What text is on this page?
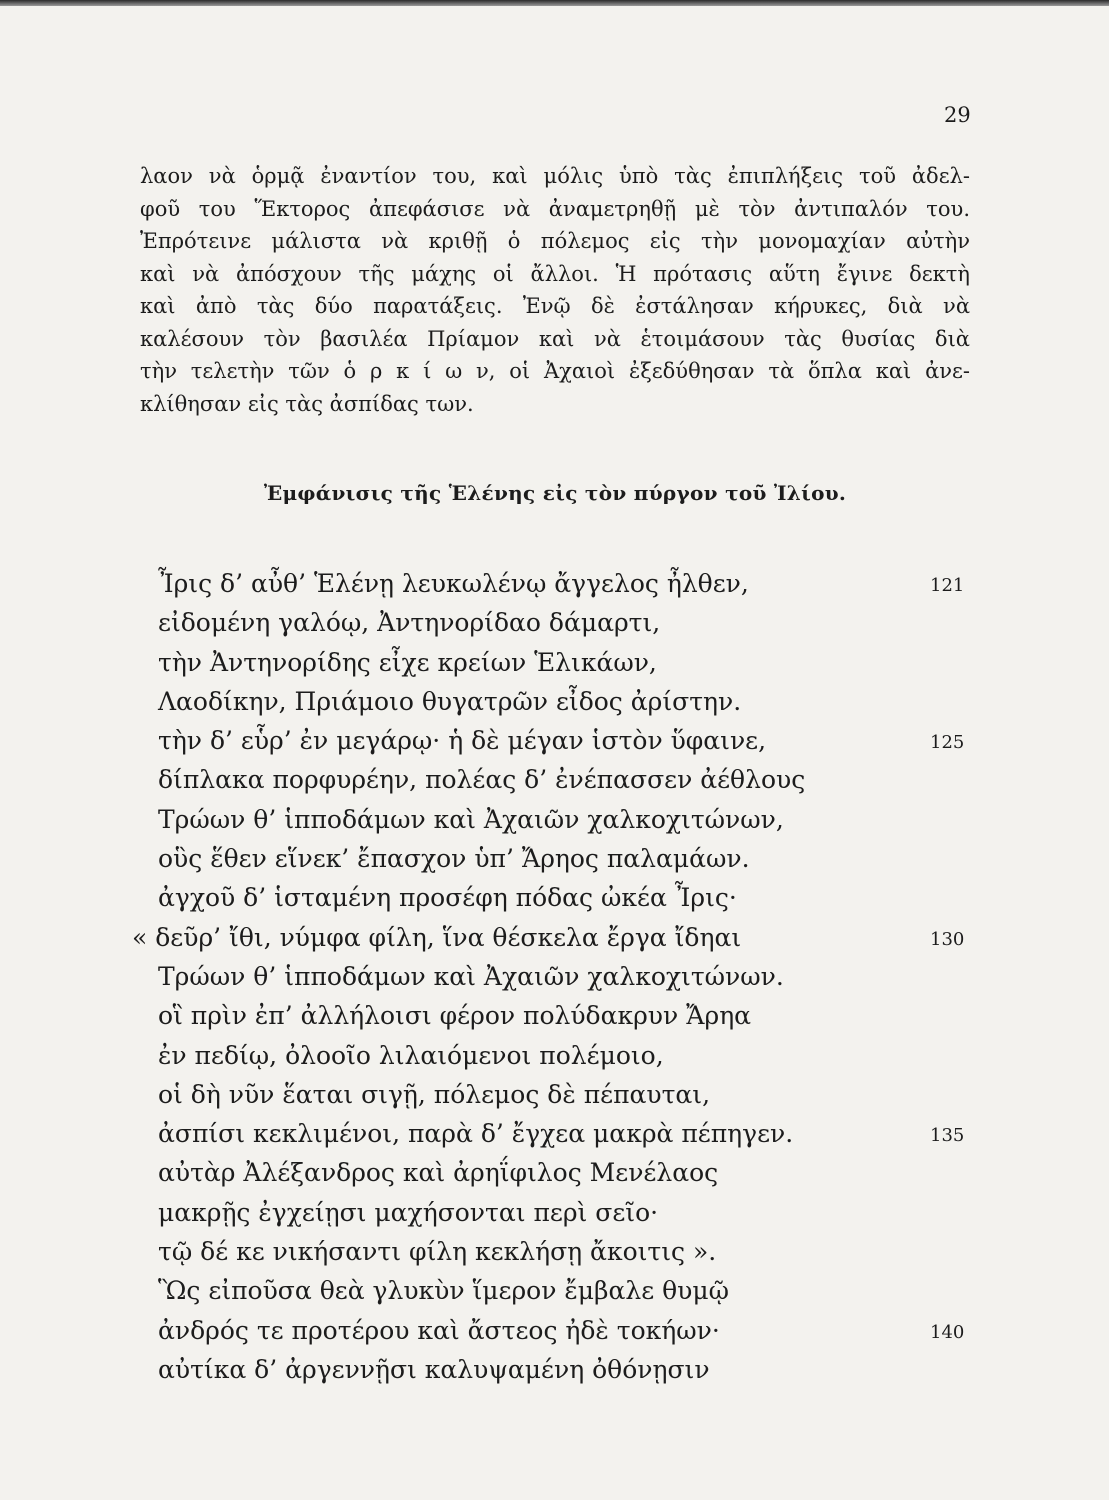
29
λαον νὰ ὁρμᾷ ἐναντίον του, καὶ μόλις ὑπὸ τὰς ἐπιπλήξεις τοῦ ἀδελ-
φοῦ του Ἕκτορος ἀπεφάσισε νὰ ἀναμετρηθῇ μὲ τὸν ἀντιπαλόν του.
Ἐπρότεινε μάλιστα νὰ κριθῇ ὁ πόλεμος εἰς τὴν μονομαχίαν αὐτὴν
καὶ νὰ ἀπόσχουν τῆς μάχης οἱ ἄλλοι. Ἡ πρότασις αὕτη ἔγινε δεκτὴ
καὶ ἀπὸ τὰς δύο παρατάξεις. Ἐνῷ δὲ ἐστάλησαν κήρυκες, διὰ νὰ
καλέσουν τὸν βασιλέα Πρίαμον καὶ νὰ ἑτοιμάσουν τὰς θυσίας διὰ
τὴν τελετὴν τῶν ὁ ρ κ ί ω ν, οἱ Ἀχαιοὶ ἐξεδύθησαν τὰ ὅπλα καὶ ἀνε-
κλίθησαν εἰς τὰς ἀσπίδας των.
Ἐμφάνισις τῆς Ἑλένης εἰς τὸν πύργον τοῦ Ἰλίου.
Ἶρις δ’ αὖθ’ Ἑλένῃ λευκωλένῳ ἄγγελος ἦλθεν,	121
εἰδομένη γαλόῳ, Ἀντηνορίδαο δάμαρτι,
τὴν Ἀντηνορίδης εἶχε κρείων Ἑλικάων,
Λαοδίκην, Πριάμοιο θυγατρῶν εἶδος ἀρίστην.
τὴν δ’ εὗρ’ ἐν μεγάρῳ· ἡ δὲ μέγαν ἱστὸν ὕφαινε,	125
δίπλακα πορφυρέην, πολέας δ’ ἐνέπασσεν ἀέθλους
Τρώων θ’ ἱπποδάμων καὶ Ἀχαιῶν χαλκοχιτώνων,
οὓς ἕθεν εἵνεκ’ ἔπασχον ὑπ’ Ἄρηος παλαμάων.
ἀγχοῦ δ’ ἱσταμένη προσέφη πόδας ὠκέα Ἶρις·
« δεῦρ’ ἴθι, νύμφα φίλη, ἵνα θέσκελα ἔργα ἴδηαι	130
Τρώων θ’ ἱπποδάμων καὶ Ἀχαιῶν χαλκοχιτώνων.
οἳ πρὶν ἐπ’ ἀλλήλοισι φέρον πολύδακρυν Ἄρηα
ἐν πεδίῳ, ὀλοοῖο λιλαιόμενοι πολέμοιο,
οἱ δὴ νῦν ἕαται σιγῇ, πόλεμος δὲ πέπαυται,
ἀσπίσι κεκλιμένοι, παρὰ δ’ ἔγχεα μακρὰ πέπηγεν.	135
αὐτὰρ Ἀλέξανδρος καὶ ἀρηΐφιλος Μενέλαος
μακρῇς ἐγχείῃσι μαχήσονται περὶ σεῖο·
τῷ δέ κε νικήσαντι φίλη κεκλήσῃ ἄκοιτις ».
Ὣς εἰποῦσα θεὰ γλυκὺν ἵμερον ἔμβαλε θυμῷ
ἀνδρός τε προτέρου καὶ ἄστεος ἠδὲ τοκήων·	140
αὐτίκα δ’ ἀργεννῇσι καλυψαμένη ὀθόνῃσιν
